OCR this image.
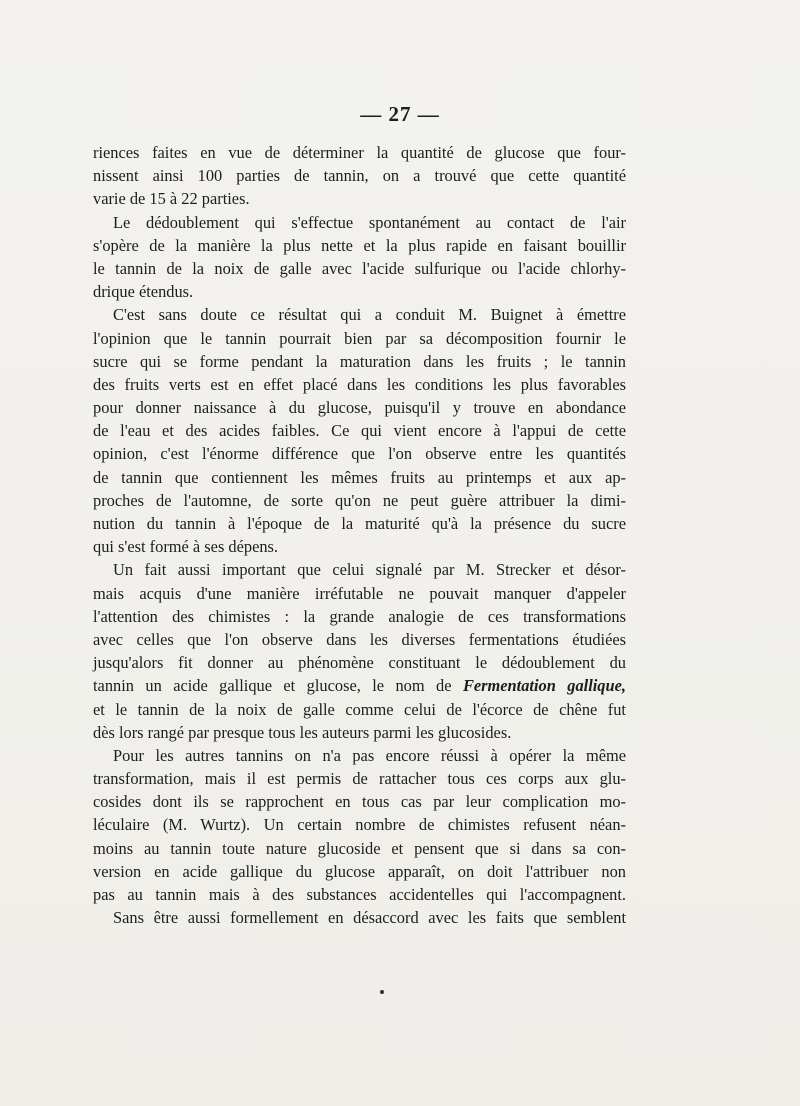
— 27 —
riences faites en vue de déterminer la quantité de glucose que four-
nissent ainsi 100 parties de tannin, on a trouvé que cette quantité
varie de 15 à 22 parties.
Le dédoublement qui s'effectue spontanément au contact de l'air
s'opère de la manière la plus nette et la plus rapide en faisant bouillir
le tannin de la noix de galle avec l'acide sulfurique ou l'acide chlorhy-
drique étendus.
C'est sans doute ce résultat qui a conduit M. Buignet à émettre
l'opinion que le tannin pourrait bien par sa décomposition fournir le
sucre qui se forme pendant la maturation dans les fruits ; le tannin
des fruits verts est en effet placé dans les conditions les plus favorables
pour donner naissance à du glucose, puisqu'il y trouve en abondance
de l'eau et des acides faibles. Ce qui vient encore à l'appui de cette
opinion, c'est l'énorme différence que l'on observe entre les quantités
de tannin que contiennent les mêmes fruits au printemps et aux ap-
proches de l'automne, de sorte qu'on ne peut guère attribuer la dimi-
nution du tannin à l'époque de la maturité qu'à la présence du sucre
qui s'est formé à ses dépens.
Un fait aussi important que celui signalé par M. Strecker et désor-
mais acquis d'une manière irréfutable ne pouvait manquer d'appeler
l'attention des chimistes : la grande analogie de ces transformations
avec celles que l'on observe dans les diverses fermentations étudiées
jusqu'alors fit donner au phénomène constituant le dédoublement du
tannin un acide gallique et glucose, le nom de Fermentation gallique,
et le tannin de la noix de galle comme celui de l'écorce de chêne fut
dès lors rangé par presque tous les auteurs parmi les glucosides.
Pour les autres tannins on n'a pas encore réussi à opérer la même
transformation, mais il est permis de rattacher tous ces corps aux glu-
cosides dont ils se rapprochent en tous cas par leur complication mo-
léculaire (M. Wurtz). Un certain nombre de chimistes refusent néan-
moins au tannin toute nature glucoside et pensent que si dans sa con-
version en acide gallique du glucose apparaît, on doit l'attribuer non
pas au tannin mais à des substances accidentelles qui l'accompagnent.
Sans être aussi formellement en désaccord avec les faits que semblent
